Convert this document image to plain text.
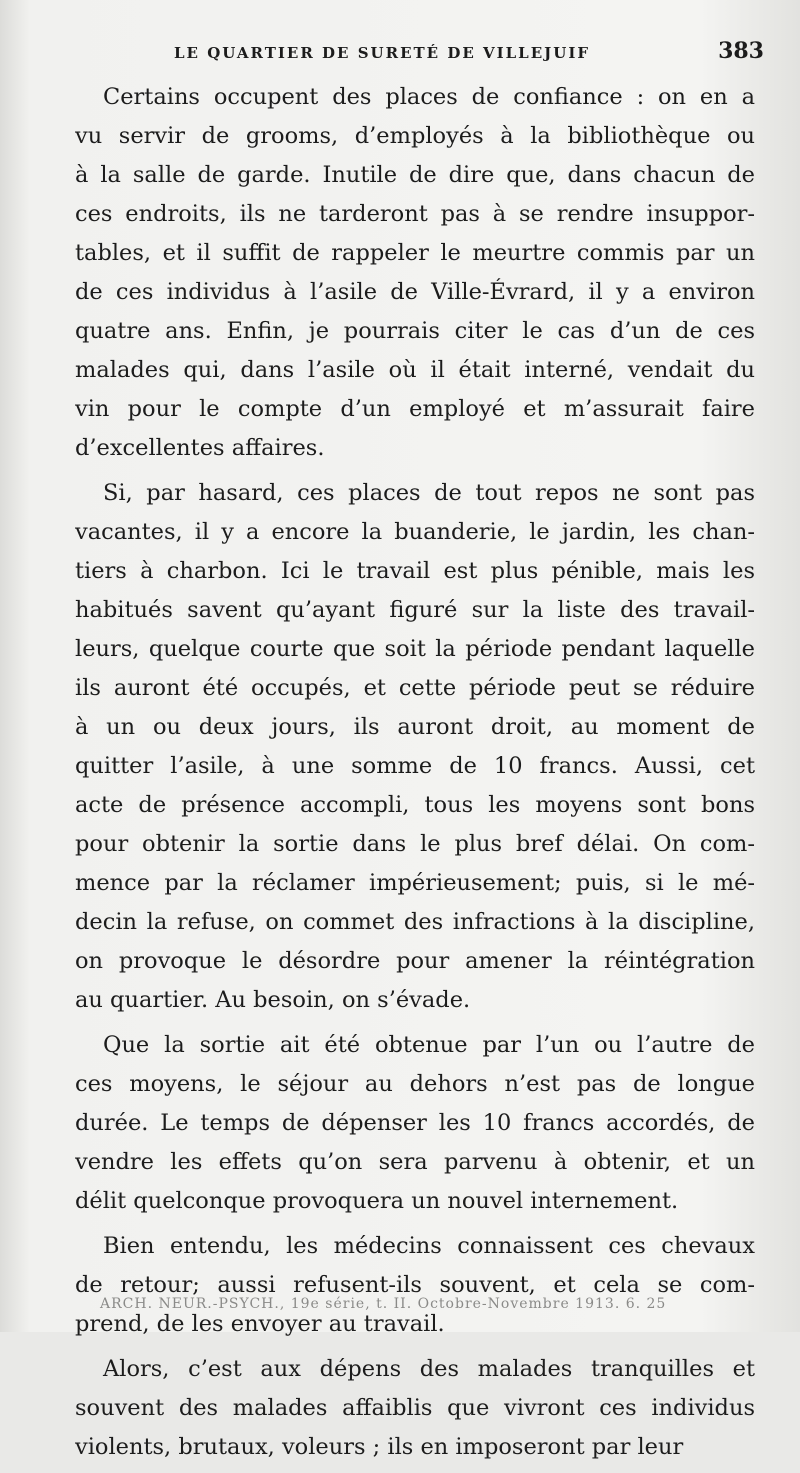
LE QUARTIER DE SURETÉ DE VILLEJUIF	383
Certains occupent des places de confiance : on en a
vu servir de grooms, d’employés à la bibliothèque ou
à la salle de garde. Inutile de dire que, dans chacun de
ces endroits, ils ne tarderont pas à se rendre insuppor-
tables, et il suffit de rappeler le meurtre commis par un
de ces individus à l’asile de Ville-Évrard, il y a environ
quatre ans. Enfin, je pourrais citer le cas d’un de ces
malades qui, dans l’asile où il était interné, vendait du
vin pour le compte d’un employé et m’assurait faire
d’excellentes affaires.
Si, par hasard, ces places de tout repos ne sont pas
vacantes, il y a encore la buanderie, le jardin, les chan-
tiers à charbon. Ici le travail est plus pénible, mais les
habitués savent qu’ayant figuré sur la liste des travail-
leurs, quelque courte que soit la période pendant laquelle
ils auront été occupés, et cette période peut se réduire
à un ou deux jours, ils auront droit, au moment de
quitter l’asile, à une somme de 10 francs. Aussi, cet
acte de présence accompli, tous les moyens sont bons
pour obtenir la sortie dans le plus bref délai. On com-
mence par la réclamer impérieusement; puis, si le mé-
decin la refuse, on commet des infractions à la discipline,
on provoque le désordre pour amener la réintégration
au quartier. Au besoin, on s’évade.
Que la sortie ait été obtenue par l’un ou l’autre de
ces moyens, le séjour au dehors n’est pas de longue
durée. Le temps de dépenser les 10 francs accordés, de
vendre les effets qu’on sera parvenu à obtenir, et un
délit quelconque provoquera un nouvel internement.
Bien entendu, les médecins connaissent ces chevaux
de retour; aussi refusent-ils souvent, et cela se com-
prend, de les envoyer au travail.
Alors, c’est aux dépens des malades tranquilles et
souvent des malades affaiblis que vivront ces individus
violents, brutaux, voleurs ; ils en imposeront par leur
ARCH. NEUR.-PSYCH., 19e série, t. II. Octobre-Novembre 1913. 6. 25
